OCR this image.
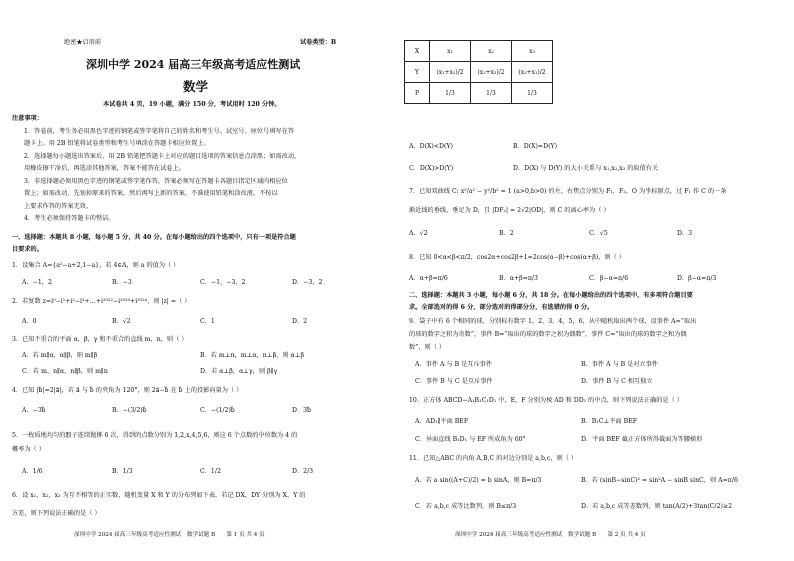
绝密★启用前	试卷类型：B
深圳中学 2024 届高三年级高考适应性测试
数学
本试卷共 4 页，19 小题，满分 150 分，考试用时 120 分钟。
注意事项：
1．答卷前，考生务必用黑色字迹的钢笔或签字笔将自己的姓名和考生号、试室号、座位号填写在答
题卡上。用 2B 铅笔将试卷类型和考生号填涂在答题卡相应位置上。
2．选择题每小题选出答案后，用 2B 铅笔把答题卡上对应的题目选项的答案信息点涂黑；如需改动，
用橡皮擦干净后，再选涂其他答案，答案不能答在试卷上。
3．非选择题必须用黑色字迹的钢笔或签字笔作答，答案必须写在答题卡各题目指定区域内相应位
置上；如需改动，先划掉原来的答案，然后再写上新的答案，不准使用铅笔和涂改液。不按以
上要求作答的答案无效。
4．考生必须保持答题卡的整洁。
一、选择题：本题共 8 小题，每小题 5 分，共 40 分。在每小题给出的四个选项中，只有一项是符合题
目要求的。
1．设集合 A={a²−a+2,1−a}，若 4∈A，则 a 的值为（ ）
A．−1，2	B．−3	C．−1，−3，2	D．−3，2
2．若复数 z=i⁰−i¹+i²−i³+…+i²⁰²²−i²⁰²³+i²⁰²⁴，则 |z| =（ ）
A．0	B．√2	C．1	D．2
3．已知不重合的平面 α，β，γ 和不重合的直线 m，n，则（ ）
A．若 m∥α，α∥β，则 m∥β	B．若 m⊥n，m⊥α，n⊥β，则 α⊥β
C．若 m，n∥α，n∥β，则 m∥n	D．若 α⊥β，α⊥γ，则 β∥γ
4．已知 |b⃗|=2|a⃗|，若 a⃗ 与 b⃗ 的夹角为 120°，则 2a⃗−b⃗ 在 b⃗ 上的投影向量为（ ）
A．−3b⃗	B．−(3/2)b⃗	C．−(1/2)b⃗	D．3b⃗
5．一枚质地均匀的骰子连续抛掷 6 次，得到的点数分别为 1,2,x,4,5,6，则这 6 个点数的中位数为 4 的
概率为（ ）
A．1/6	B．1/3	C．1/2	D．2/3
6．设 x₁，x₂，x₃ 为互不相等的正实数，随机变量 X 和 Y 的分布列如下表，若记 DX，DY 分别为 X，Y 的
方差，则下列说法正确的是（ ）
深圳中学 2024 届高三年级高考适应性测试　数学试题 B　　第 1 页 共 4 页
X	x₁	x₂	x₃
Y	(x₁+x₂)/2	(x₂+x₃)/2	(x₃+x₁)/2
P	1/3	1/3	1/3
A．D(X)<D(Y)	B．D(X)=D(Y)
C．D(X)>D(Y)	D．D(X) 与 D(Y) 的大小关系与 x₁,x₂,x₃ 的取值有关
7．已知双曲线 C: x²/a² − y²/b² = 1 (a>0,b>0) 的左、右焦点分别为 F₁，F₂，O 为坐标原点，过 F₁ 作 C 的一条
渐近线的垂线，垂足为 D，且 |DF₂| = 2√2|OD|，则 C 的离心率为（ ）
A．√2	B．2	C．√5	D．3
8．已知 0<α<β<π/2，cos2α+cos2β+1=2cos(α−β)+cos(α+β)，则（ ）
A．α+β=π/6	B．α+β=π/3	C．β−α=π/6	D．β−α=π/3
二、选择题：本题共 3 小题，每小题 6 分，共 18 分。在每小题给出的四个选项中，有多项符合题目要
求。全部选对的得 6 分，部分选对的得部分分，有选错的得 0 分。
9．袋子中有 6 个相同的球，分别标有数字 1，2，3，4，5，6，从中随机取出两个球，设事件 A=“取出
的球的数字之积为奇数”，事件 B=“取出的球的数字之积为偶数”，事件 C=“取出的球的数字之和为偶
数”，则（ ）
A．事件 A 与 B 是互斥事件	B．事件 A 与 B 是对立事件
C．事件 B 与 C 是互斥事件	D．事件 B 与 C 相互独立
10．正方体 ABCD−A₁B₁C₁D₁ 中，E，F 分别为棱 AD 和 DD₁ 的中点，则下列说法正确的是（ ）
A．AD₁∥平面 BEF	B．B₁C⊥平面 BEF
C．异面直线 B₁D₁ 与 EF 所成角为 60°	D．平面 BEF 截正方体所得截面为等腰梯形
11．已知△ABC 的内角 A,B,C 的对边分别是 a,b,c，则（ ）
A．若 a sin((A+C)/2) = b sinA，则 B=π/3	B．若 (sinB−sinC)² = sin²A − sinB sinC，则 A=π/6
C．若 a,b,c 成等比数列，则 B≤π/3	D．若 a,b,c 成等差数列，则 tan(A/2)+3tan(C/2)≥2
深圳中学 2024 届高三年级高考适应性测试　数学试题 B　　第 2 页 共 4 页
